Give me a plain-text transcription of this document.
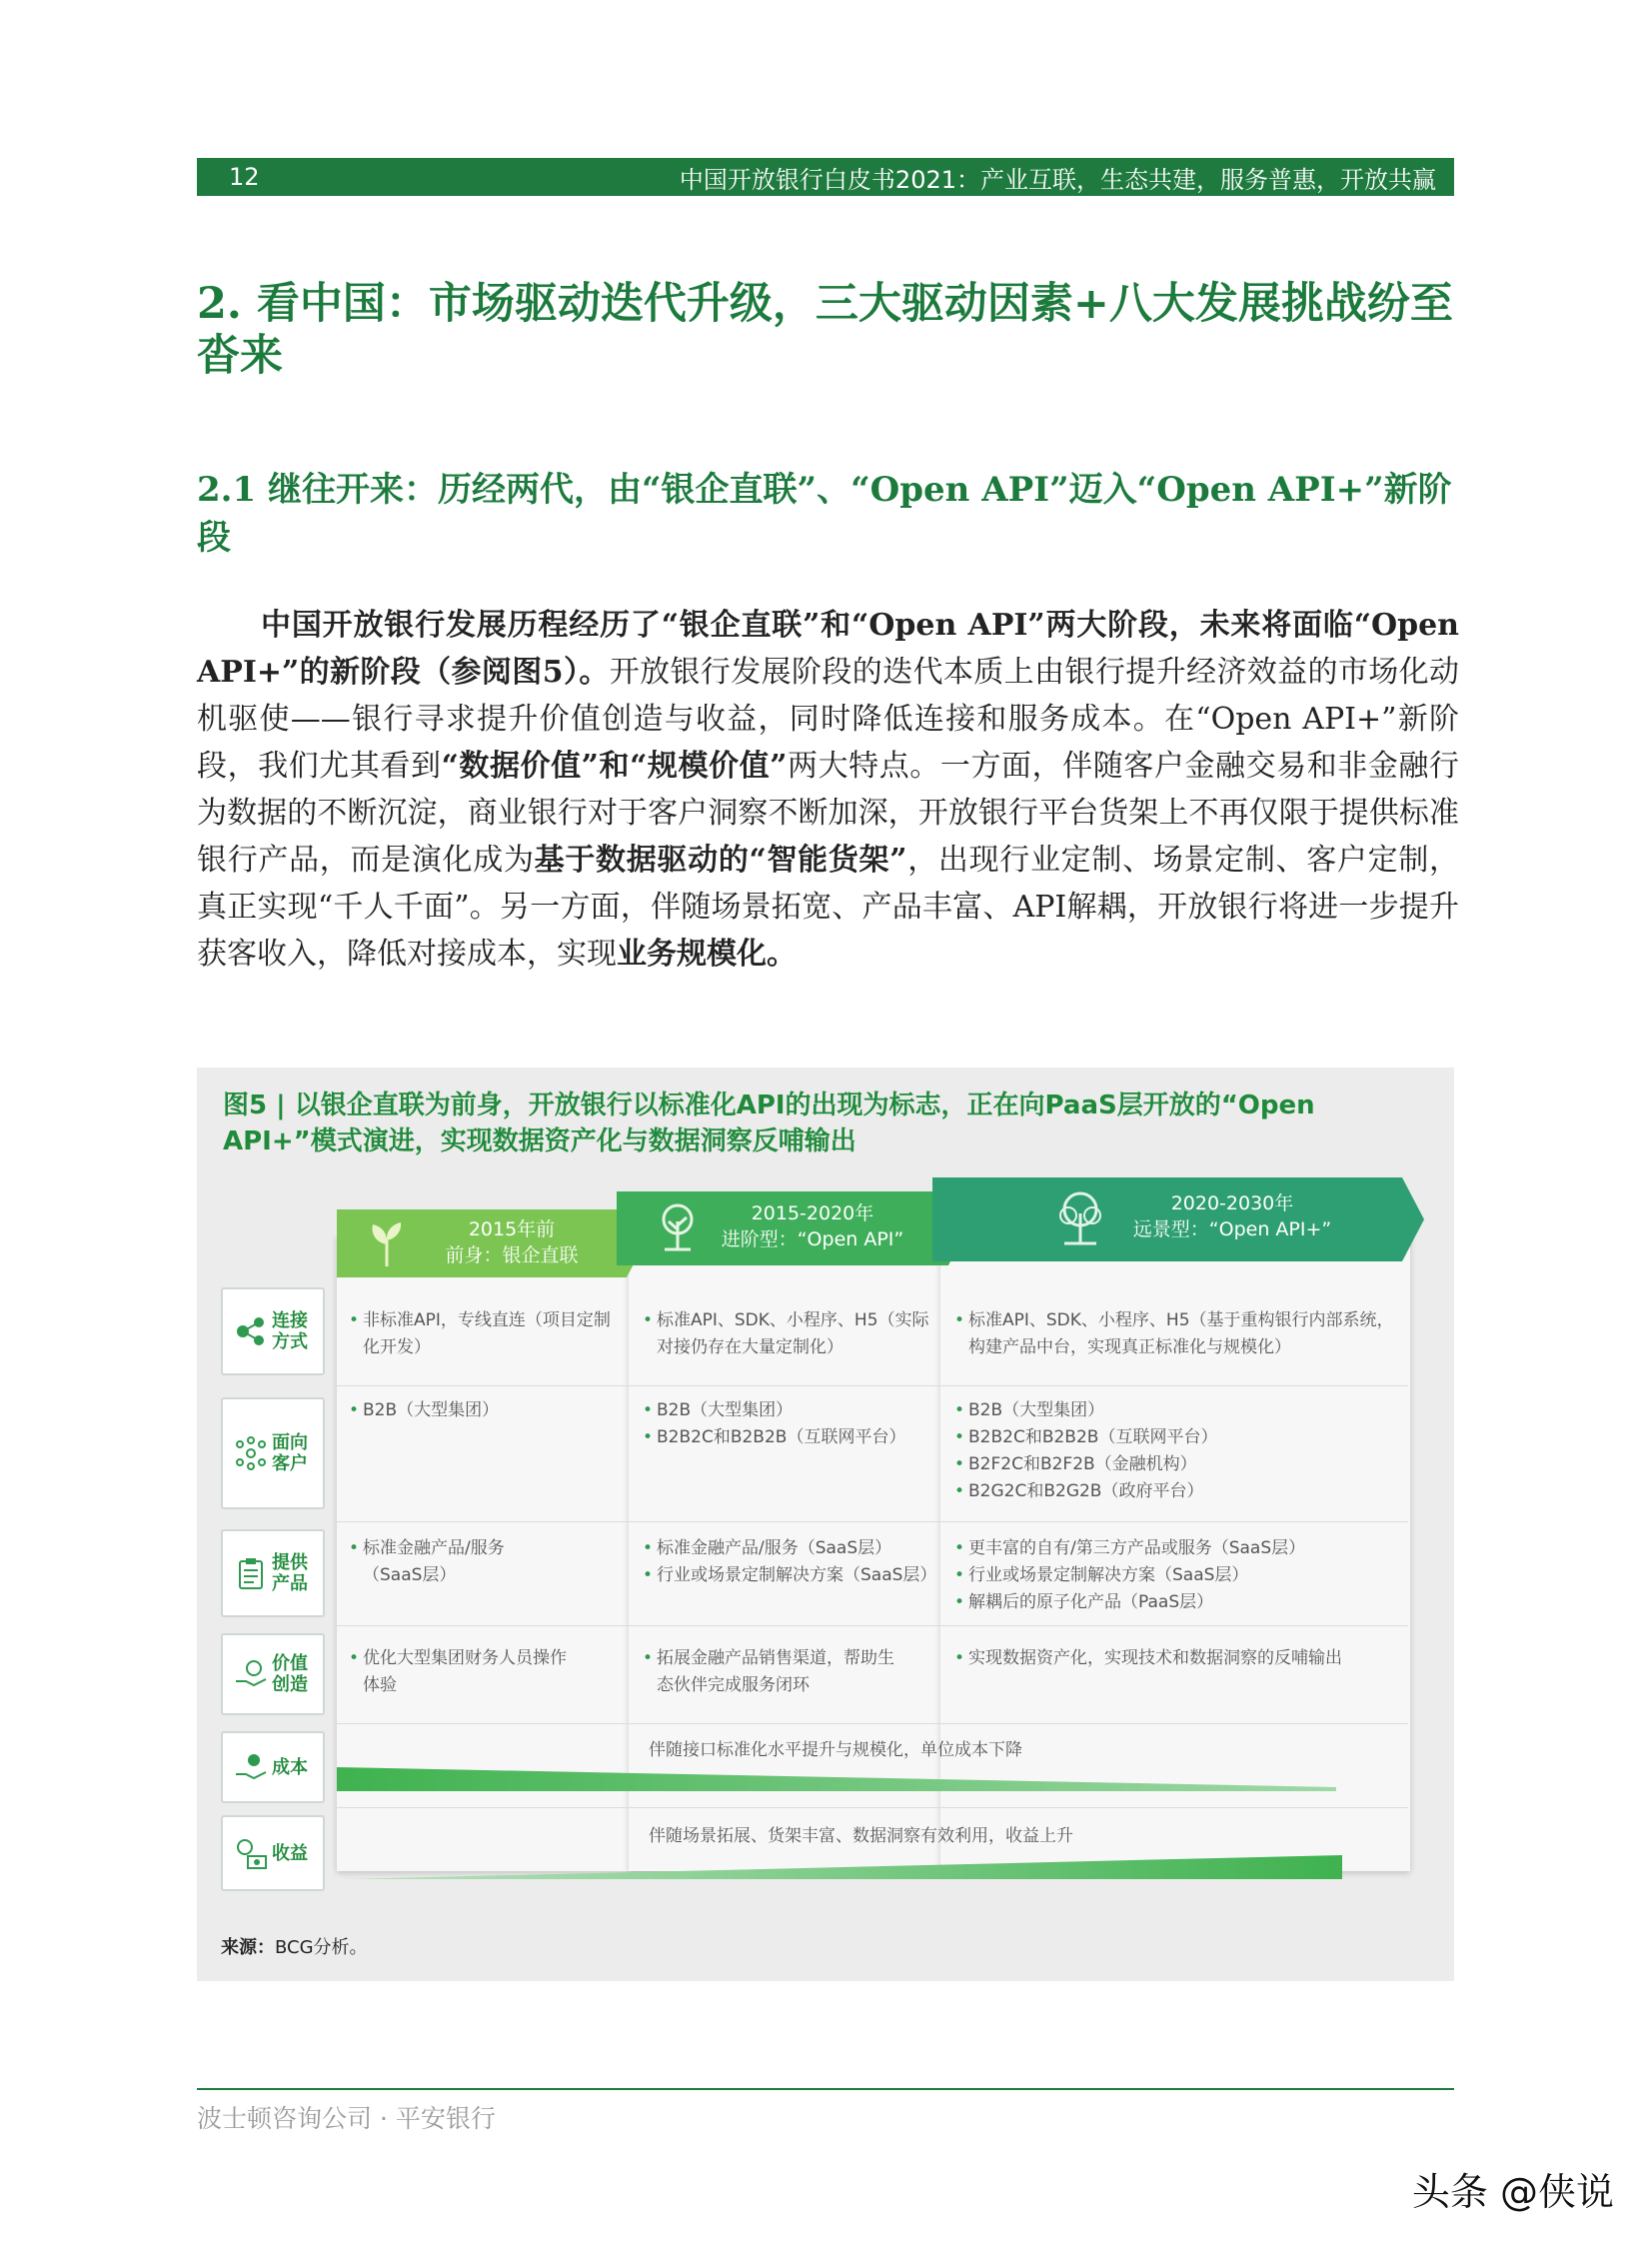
12	中国开放银行白皮书2021：产业互联，生态共建，服务普惠，开放共赢
2. 看中国：市场驱动迭代升级，三大驱动因素+八大发展挑战纷至沓来
2.1 继往开来：历经两代，由“银企直联”、“Open API”迈入“Open API+”新阶段

中国开放银行发展历程经历了“银企直联”和“Open API”两大阶段，未来将面临“Open API+”的新阶段（参阅图5）。开放银行发展阶段的迭代本质上由银行提升经济效益的市场化动机驱使——银行寻求提升价值创造与收益，同时降低连接和服务成本。在“Open API+”新阶段，我们尤其看到“数据价值”和“规模价值”两大特点。一方面，伴随客户金融交易和非金融行为数据的不断沉淀，商业银行对于客户洞察不断加深，开放银行平台货架上不再仅限于提供标准银行产品，而是演化成为基于数据驱动的“智能货架”，出现行业定制、场景定制、客户定制，真正实现“千人千面”。另一方面，伴随场景拓宽、产品丰富、API解耦，开放银行将进一步提升获客收入，降低对接成本，实现业务规模化。

图5 | 以银企直联为前身，开放银行以标准化API的出现为标志，正在向PaaS层开放的“Open API+”模式演进，实现数据资产化与数据洞察反哺输出

2015年前
前身：银企直联
2015-2020年
进阶型：“Open API”
2020-2030年
远景型：“Open API+”
连接方式
面向客户
提供产品
价值创造
成本
收益
• 非标准API，专线直连（项目定制化开发）
• 标准API、SDK、小程序、H5（实际对接仍存在大量定制化）
• 标准API、SDK、小程序、H5（基于重构银行内部系统，构建产品中台，实现真正标准化与规模化）
• B2B（大型集团）
•	B2B（大型集团）
• B2B2C和B2B2B（互联网平台）
• B2B（大型集团）
• B2B2C和B2B2B（互联网平台）
• B2F2C和B2F2B（金融机构）
• B2G2C和B2G2B（政府平台）
• 标准金融产品/服务（SaaS层）
• 标准金融产品/服务（SaaS层）
• 行业或场景定制解决方案（SaaS层）
• 更丰富的自有/第三方产品或服务（SaaS层）
• 行业或场景定制解决方案（SaaS层）
• 解耦后的原子化产品（PaaS层）
• 优化大型集团财务人员操作体验
• 拓展金融产品销售渠道，帮助生态伙伴完成服务闭环
• 实现数据资产化，实现技术和数据洞察的反哺输出
伴随接口标准化水平提升与规模化，单位成本下降
伴随场景拓展、货架丰富、数据洞察有效利用，收益上升
来源：BCG分析。
波士顿咨询公司 · 平安银行
头条 @侠说
